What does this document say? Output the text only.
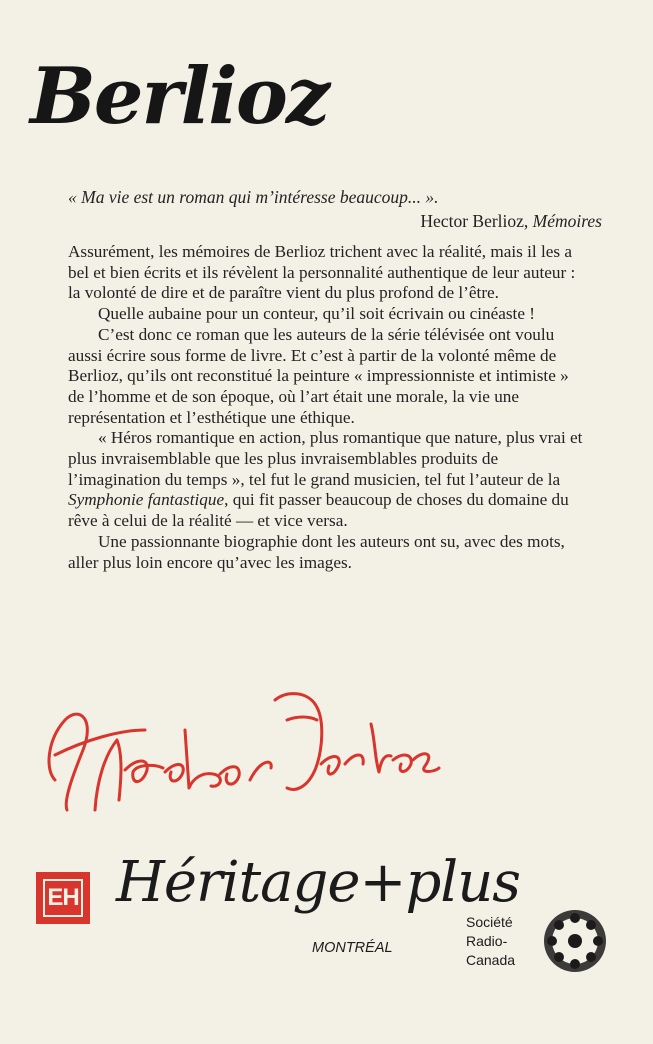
Berlioz
« Ma vie est un roman qui m’intéresse beaucoup... ».
Hector Berlioz, Mémoires

Assurément, les mémoires de Berlioz trichent avec la réalité, mais il les a bel et bien écrits et ils révèlent la personnalité authentique de leur auteur : la volonté de dire et de paraître vient du plus profond de l’être.

Quelle aubaine pour un conteur, qu’il soit écrivain ou cinéaste !

C’est donc ce roman que les auteurs de la série télévisée ont voulu aussi écrire sous forme de livre. Et c’est à partir de la volonté même de Berlioz, qu’ils ont reconstitué la peinture « impressionniste et intimiste » de l’homme et de son époque, où l’art était une morale, la vie une représentation et l’esthétique une éthique.

« Héros romantique en action, plus romantique que nature, plus vrai et plus invraisemblable que les plus invraisemblables produits de l’imagination du temps », tel fut le grand musicien, tel fut l’auteur de la Symphonie fantastique, qui fit passer beaucoup de choses du domaine du rêve à celui de la réalité — et vice versa.

Une passionnante biographie dont les auteurs ont su, avec des mots, aller plus loin encore qu’avec les images.

EH Héritage+plus
MONTRÉAL
Société
Radio-
Canada
